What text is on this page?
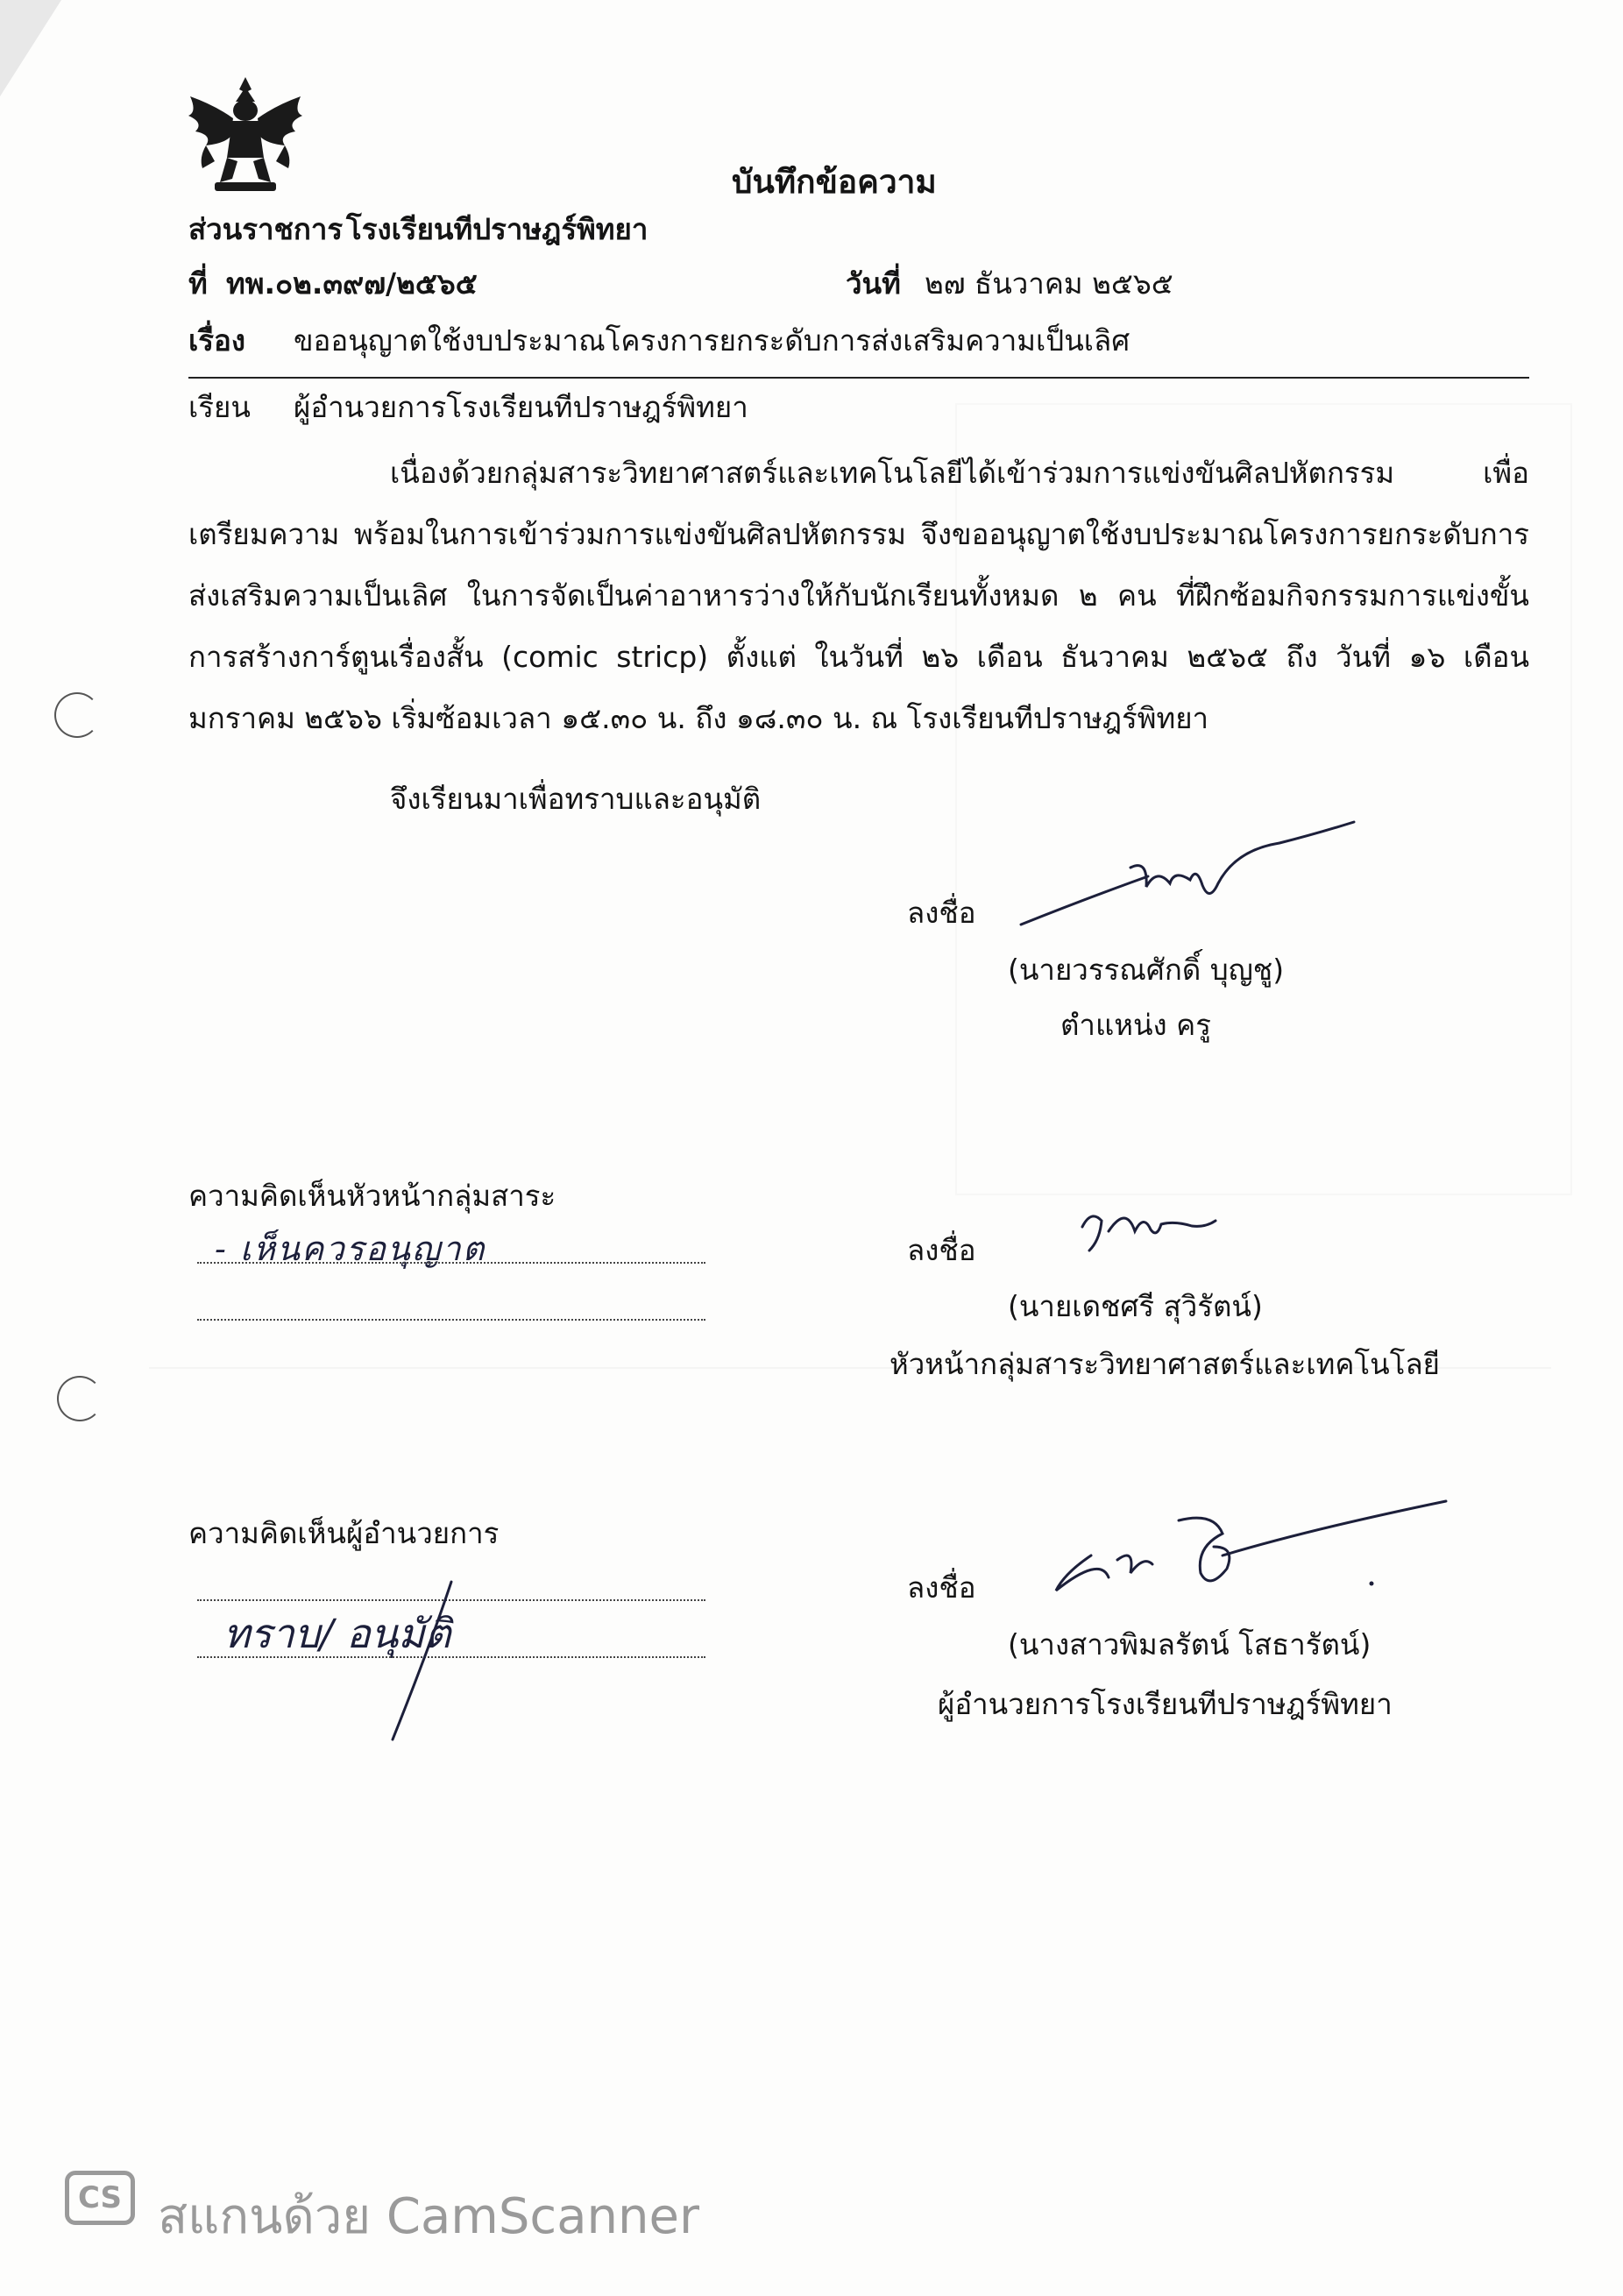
บันทึกข้อความ
ส่วนราชการ โรงเรียนทีปราษฎร์พิทยา
ที่ ทพ.๐๒.๓๙๗/๒๕๖๕	วันที่ ๒๗ ธันวาคม ๒๕๖๕
เรื่อง ขออนุญาตใช้งบประมาณโครงการยกระดับการส่งเสริมความเป็นเลิศ
เรียน ผู้อำนวยการโรงเรียนทีปราษฎร์พิทยา
เนื่องด้วยกลุ่มสาระวิทยาศาสตร์และเทคโนโลยีได้เข้าร่วมการแข่งขันศิลปหัตกรรม เพื่อเตรียมความ พร้อมในการเข้าร่วมการแข่งขันศิลปหัตกรรม จึงขออนุญาตใช้งบประมาณโครงการยกระดับการส่งเสริมความเป็นเลิศ ในการจัดเป็นค่าอาหารว่างให้กับนักเรียนทั้งหมด ๒ คน ที่ฝึกซ้อมกิจกรรมการแข่งขั้นการสร้างการ์ตูนเรื่องสั้น (comic stricp) ตั้งแต่ ในวันที่ ๒๖ เดือน ธันวาคม ๒๕๖๕ ถึง วันที่ ๑๖ เดือน มกราคม ๒๕๖๖ เริ่มซ้อมเวลา ๑๕.๓๐ น. ถึง ๑๘.๓๐ น. ณ โรงเรียนทีปราษฎร์พิทยา
จึงเรียนมาเพื่อทราบและอนุมัติ
ลงชื่อ
(นายวรรณศักดิ์ บุญชู)
ตำแหน่ง ครู
ความคิดเห็นหัวหน้ากลุ่มสาระ
- เห็นควรอนุญาต	ลงชื่อ
(นายเดชศรี สุวิรัตน์)
หัวหน้ากลุ่มสาระวิทยาศาสตร์และเทคโนโลยี
ความคิดเห็นผู้อำนวยการ
ทราบ/ อนุมัติ
ลงชื่อ
(นางสาวพิมลรัตน์ โสธารัตน์)
ผู้อำนวยการโรงเรียนทีปราษฎร์พิทยา
CS สแกนด้วย CamScanner
